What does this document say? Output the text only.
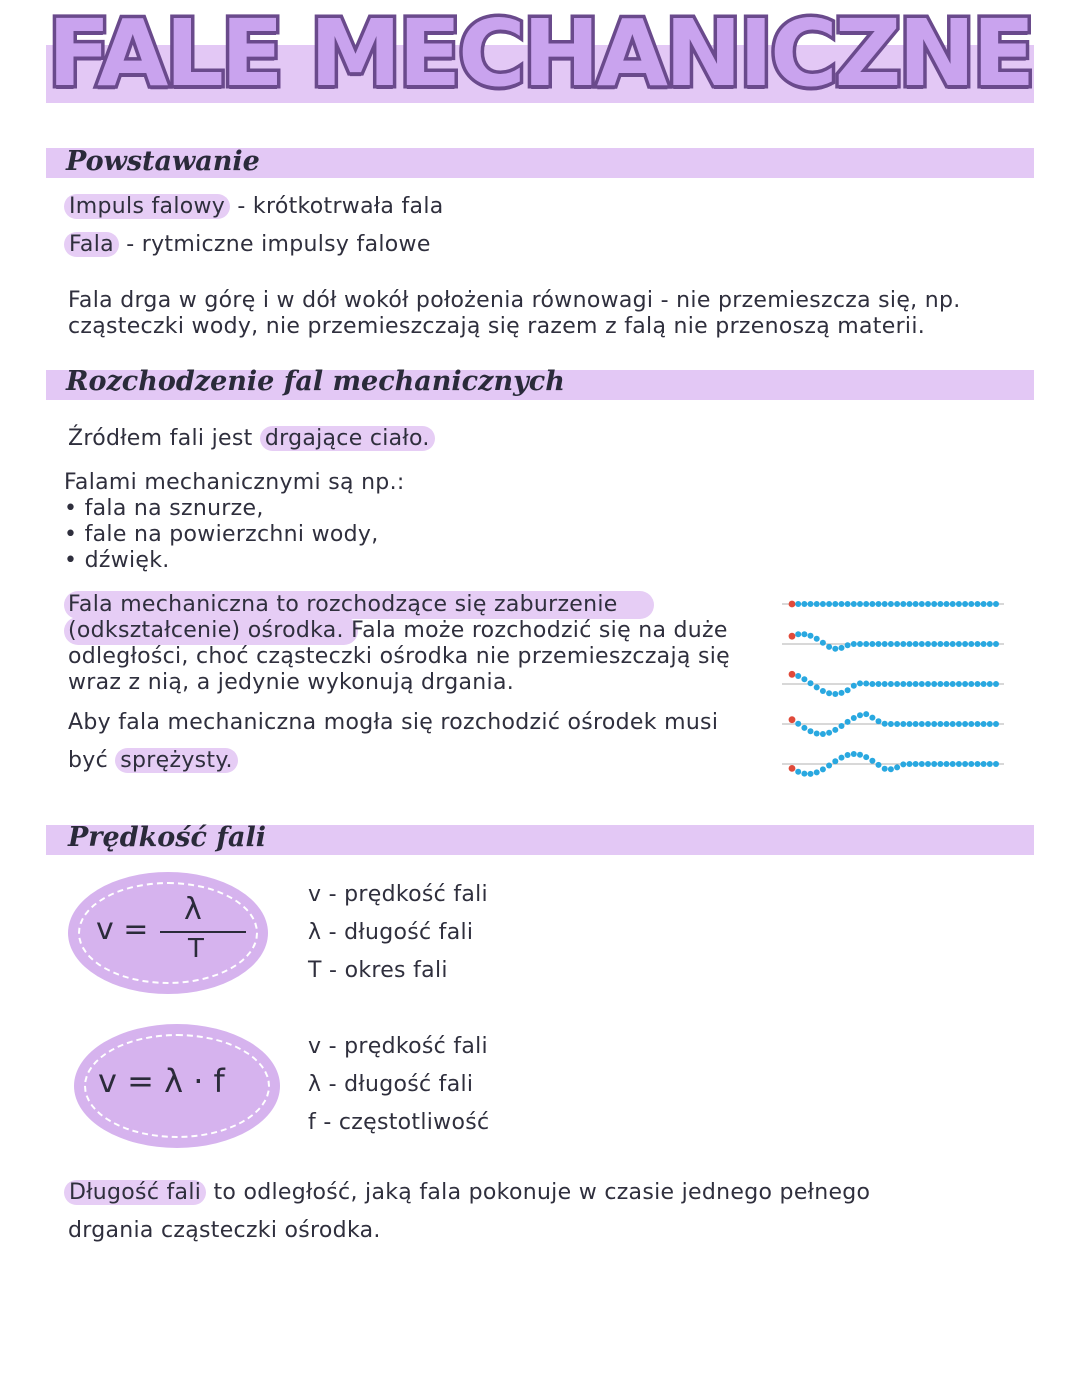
FALE MECHANICZNE
Powstawanie
Impuls falowy - krótkotrwała fala
Fala - rytmiczne impulsy falowe
Fala drga w górę i w dół wokół położenia równowagi - nie przemieszcza się, np.
cząsteczki wody, nie przemieszczają się razem z falą nie przenoszą materii.
Rozchodzenie fal mechanicznych
Źródłem fali jest drgające ciało.
Falami mechanicznymi są np.:
• fala na sznurze,
• fale na powierzchni wody,
• dźwięk.
Fala mechaniczna to rozchodzące się zaburzenie
(odkształcenie) ośrodka. Fala może rozchodzić się na duże
odległości, choć cząsteczki ośrodka nie przemieszczają się
wraz z nią, a jedynie wykonują drgania.
Aby fala mechaniczna mogła się rozchodzić ośrodek musi
być sprężysty.
Prędkość fali
v =
λ
T
v - prędkość fali
λ - długość fali
T - okres fali
v = λ · f
v - prędkość fali
λ - długość fali
f - częstotliwość
Długość fali to odległość, jaką fala pokonuje w czasie jednego pełnego
drgania cząsteczki ośrodka.
